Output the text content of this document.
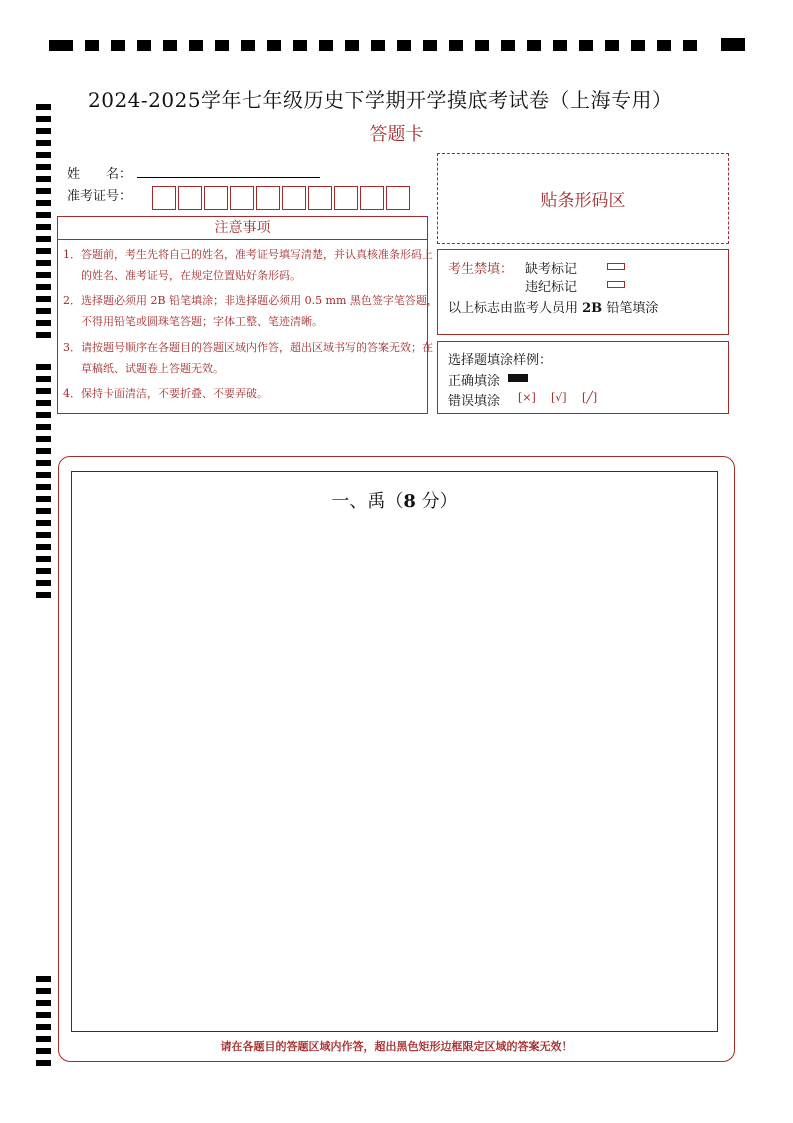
2024-2025学年七年级历史下学期开学摸底考试卷（上海专用）
答题卡
姓　　名：
准考证号：	贴条形码区
注意事项
1．答题前，考生先将自己的姓名，准考证号填写清楚，并认真核准条形码上的姓名、准考证号，在规定位置贴好条形码。
2．选择题必须用 2B 铅笔填涂；非选择题必须用 0.5 mm 黑色签字笔答题，不得用铅笔或圆珠笔答题；字体工整、笔迹清晰。
3．请按题号顺序在各题目的答题区域内作答，超出区域书写的答案无效；在草稿纸、试题卷上答题无效。
4．保持卡面清洁，不要折叠、不要弄破。
考生禁填： 缺考标记
违纪标记
以上标志由监考人员用 2B 铅笔填涂
选择题填涂样例：
正确填涂
错误填涂 [×] [√] [╱]
一、禹（8 分）
请在各题目的答题区域内作答，超出黑色矩形边框限定区域的答案无效！
